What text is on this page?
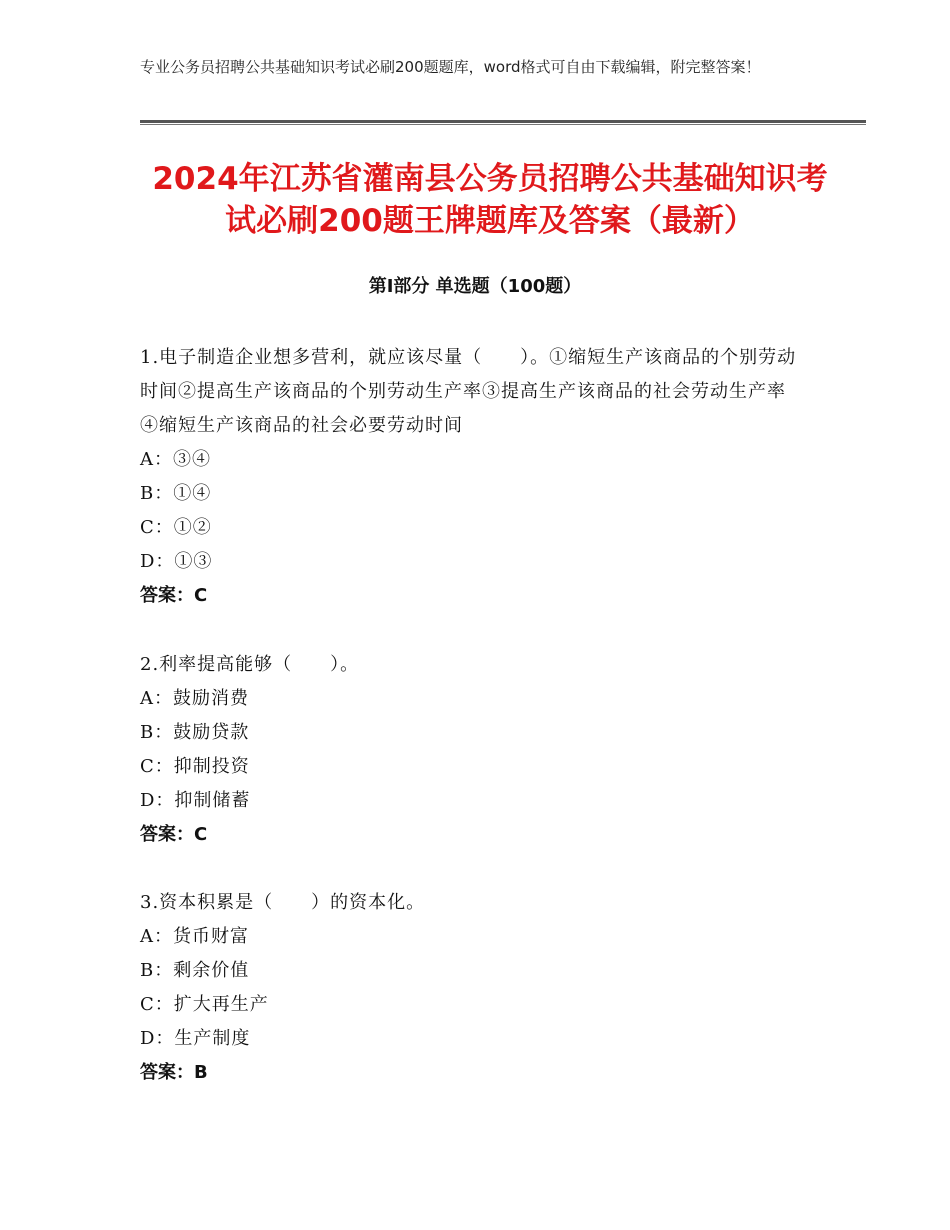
专业公务员招聘公共基础知识考试必刷200题题库，word格式可自由下载编辑，附完整答案！
2024年江苏省灌南县公务员招聘公共基础知识考试必刷200题王牌题库及答案（最新）
第Ⅰ部分 单选题（100题）

1.电子制造企业想多营利，就应该尽量（　　）。①缩短生产该商品的个别劳动时间②提高生产该商品的个别劳动生产率③提高生产该商品的社会劳动生产率④缩短生产该商品的社会必要劳动时间

A：③④

B：①④

C：①②

D：①③

答案：C

2.利率提高能够（　　）。

A：鼓励消费

B：鼓励贷款

C：抑制投资

D：抑制储蓄

答案：C

3.资本积累是（　　）的资本化。

A：货币财富

B：剩余价值

C：扩大再生产

D：生产制度

答案：B
